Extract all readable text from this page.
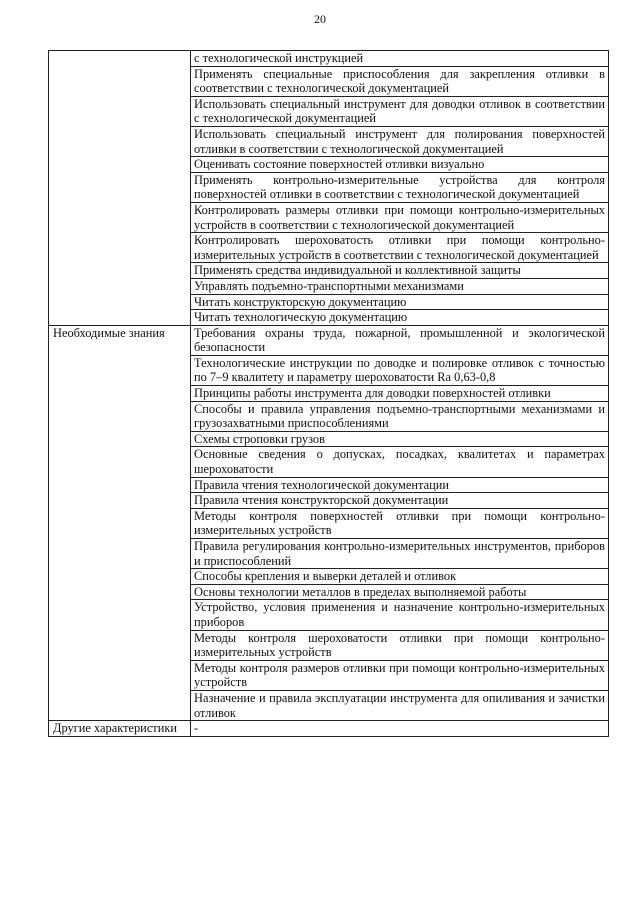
20
	с технологической инструкцией
	Применять специальные приспособления для закрепления отливки в соответствии с технологической документацией
	Использовать специальный инструмент для доводки отливок в соответствии с технологической документацией
	Использовать специальный инструмент для полирования поверхностей отливки в соответствии с технологической документацией
	Оценивать состояние поверхностей отливки визуально
	Применять контрольно-измерительные устройства для контроля поверхностей отливки в соответствии с технологической документацией
	Контролировать размеры отливки при помощи контрольно-измерительных устройств в соответствии с технологической документацией
	Контролировать шероховатость отливки при помощи контрольно-измерительных устройств в соответствии с технологической документацией
	Применять средства индивидуальной и коллективной защиты
	Управлять подъемно-транспортными механизмами
	Читать конструкторскую документацию
	Читать технологическую документацию
Необходимые знания	Требования охраны труда, пожарной, промышленной и экологической безопасности
	Технологические инструкции по доводке и полировке отливок с точностью по 7–9 квалитету и параметру шероховатости Ra 0,63-0,8
	Принципы работы инструмента для доводки поверхностей отливки
	Способы и правила управления подъемно-транспортными механизмами и грузозахватными приспособлениями
	Схемы строповки грузов
	Основные сведения о допусках, посадках, квалитетах и параметрах шероховатости
	Правила чтения технологической документации
	Правила чтения конструкторской документации
	Методы контроля поверхностей отливки при помощи контрольно-измерительных устройств
	Правила регулирования контрольно-измерительных инструментов, приборов и приспособлений
	Способы крепления и выверки деталей и отливок
	Основы технологии металлов в пределах выполняемой работы
	Устройство, условия применения и назначение контрольно-измерительных приборов
	Методы контроля шероховатости отливки при помощи контрольно-измерительных устройств
	Методы контроля размеров отливки при помощи контрольно-измерительных устройств
	Назначение и правила эксплуатации инструмента для опиливания и зачистки отливок
Другие характеристики	-
